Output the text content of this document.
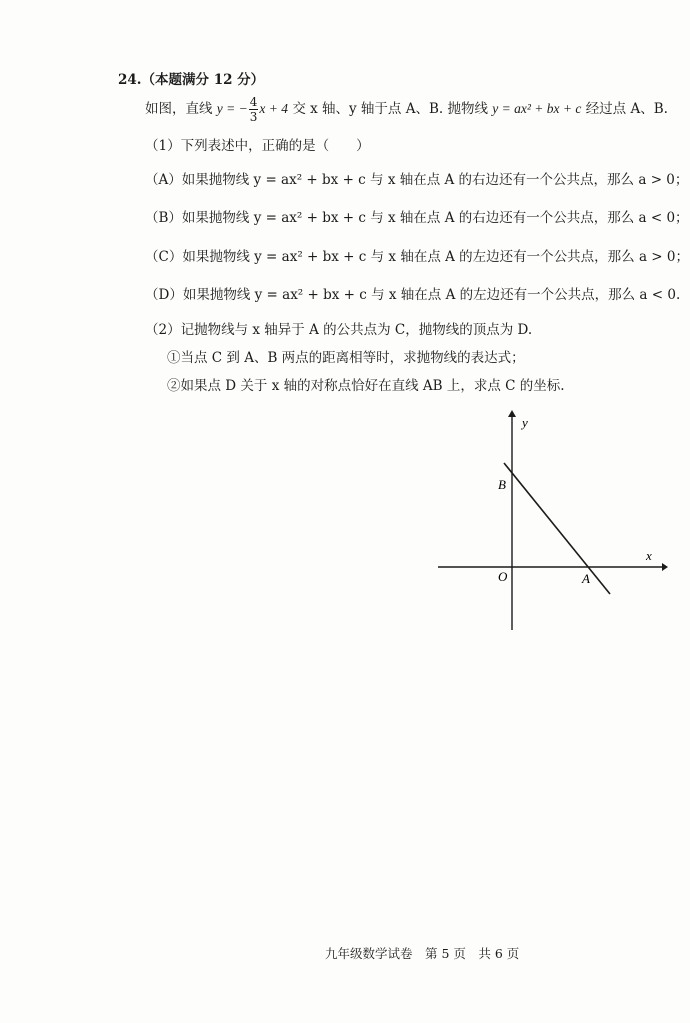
24.（本题满分 12 分）
如图，直线 y = − $\frac{4}{3}$ x + 4 交 x 轴、y 轴于点 A、B. 抛物线 y = ax² + bx + c 经过点 A、B.
（1）下列表述中，正确的是（　　）
（A）如果抛物线 y = ax² + bx + c 与 x 轴在点 A 的右边还有一个公共点，那么 a > 0；
（B）如果抛物线 y = ax² + bx + c 与 x 轴在点 A 的右边还有一个公共点，那么 a < 0；
（C）如果抛物线 y = ax² + bx + c 与 x 轴在点 A 的左边还有一个公共点，那么 a > 0；
（D）如果抛物线 y = ax² + bx + c 与 x 轴在点 A 的左边还有一个公共点，那么 a < 0.
（2）记抛物线与 x 轴异于 A 的公共点为 C，抛物线的顶点为 D.
①当点 C 到 A、B 两点的距离相等时，求抛物线的表达式；
②如果点 D 关于 x 轴的对称点恰好在直线 AB 上，求点 C 的坐标.
y
x
B
O	A
九年级数学试卷　第 5 页　共 6 页
